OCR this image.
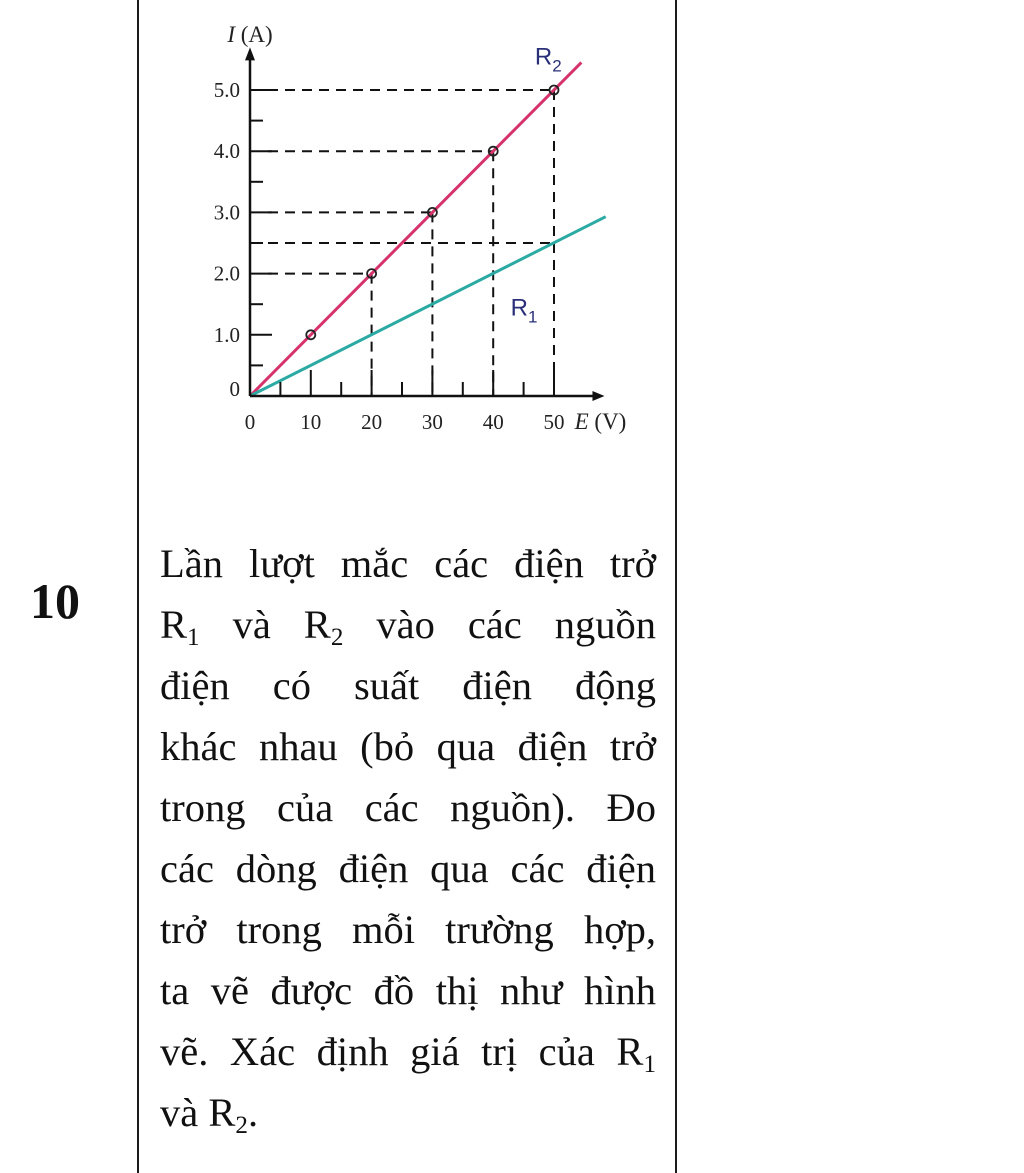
0 10 20 30 40 50
0
1.0
2.0
3.0
4.0
5.0
E (V)
I (A)
$R_2$
$R_1$
10
Lần lượt mắc các điện trở
$R_1$ và $R_2$ vào các nguồn
điện có suất điện động
khác nhau (bỏ qua điện trở
trong của các nguồn). Đo
các dòng điện qua các điện
trở trong mỗi trường hợp,
ta vẽ được đồ thị như hình
vẽ. Xác định giá trị của $R_1$
và $R_2$.
